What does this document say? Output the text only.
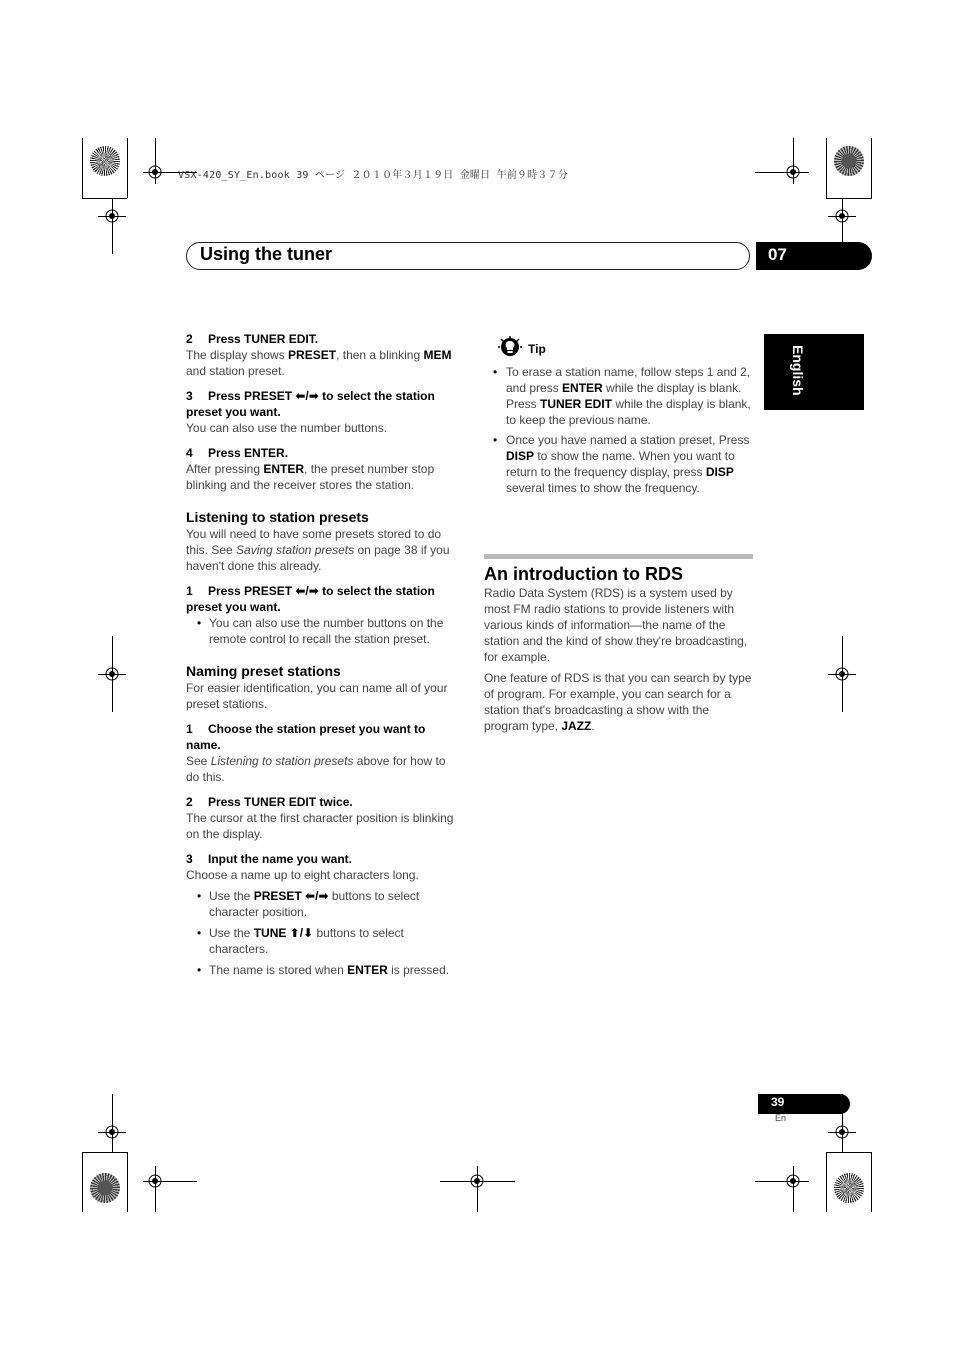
VSX-420_SY_En.book 39 ページ ２０１０年３月１９日 金曜日 午前９時３７分
Using the tuner	07
English

2 Press TUNER EDIT.

The display shows PRESET, then a blinking MEM and station preset.

3 Press PRESET ⬅/➡ to select the station preset you want.

You can also use the number buttons.

4 Press ENTER.

After pressing ENTER, the preset number stop blinking and the receiver stores the station.

Listening to station presets

You will need to have some presets stored to do this. See Saving station presets on page 38 if you haven't done this already.

1 Press PRESET ⬅/➡ to select the station preset you want.

• You can also use the number buttons on the remote control to recall the station preset.

Naming preset stations

For easier identification, you can name all of your preset stations.

1 Choose the station preset you want to name.

See Listening to station presets above for how to do this.

2 Press TUNER EDIT twice.

The cursor at the first character position is blinking on the display.

3 Input the name you want.

Choose a name up to eight characters long.

• Use the PRESET ⬅/➡ buttons to select character position.

• Use the TUNE ⬆/⬇ buttons to select characters.

• The name is stored when ENTER is pressed.

Tip

• To erase a station name, follow steps 1 and 2, and press ENTER while the display is blank. Press TUNER EDIT while the display is blank, to keep the previous name.

• Once you have named a station preset, Press DISP to show the name. When you want to return to the frequency display, press DISP several times to show the frequency.

An introduction to RDS

Radio Data System (RDS) is a system used by most FM radio stations to provide listeners with various kinds of information—the name of the station and the kind of show they're broadcasting, for example.

One feature of RDS is that you can search by type of program. For example, you can search for a station that's broadcasting a show with the program type, JAZZ.

39
En
